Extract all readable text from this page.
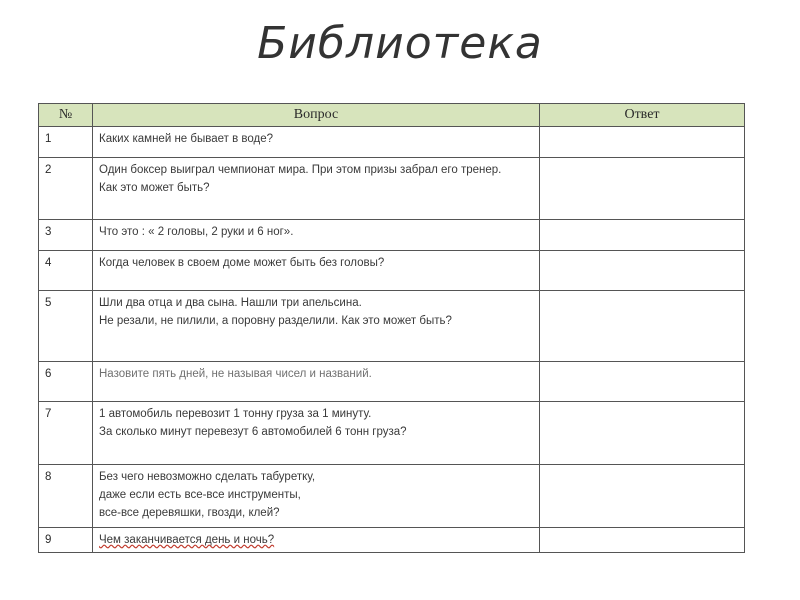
Библиотека
№	Вопрос	Ответ
1	Каких камней не бывает в воде?	

2	Один боксер выиграл чемпионат мира. При этом призы забрал его тренер.
Как это может быть?	

3	Что это : « 2 головы, 2 руки и 6 ног».	

4	Когда человек в своем доме может быть без головы?	

5	Шли два отца и два сына. Нашли три апельсина.
Не резали, не пилили, а поровну разделили. Как это может быть?	

6	Назовите пять дней, не называя чисел и названий.	

7	1 автомобиль перевозит 1 тонну груза за 1 минуту.
За сколько минут перевезут 6 автомобилей 6 тонн груза?	

8	Без чего невозможно сделать табуретку,
даже если есть все-все инструменты,
все-все деревяшки, гвозди, клей?	

9	Чем заканчивается день и ночь?	
